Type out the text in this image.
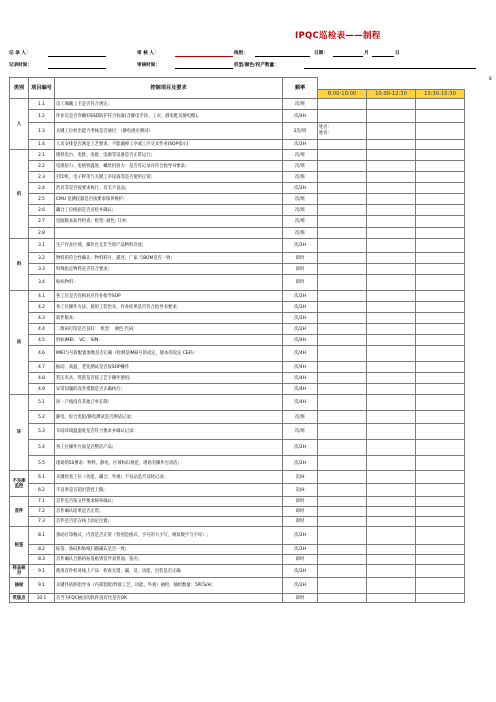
IPQC巡检表——制程
记 录 人：	审 核 人：	线别：	日期：	月	日
记录时间：	审核时间：	机型/颜色/投产数量：
8
类别	项目编号	控制项目及要求	频率	8:00-10:00 10:00-12:30 13:30-15:30		

人	1.1	员工佩戴工卡是否符合规定;	次/班			
	1.2	作业员是否穿戴好ESD防护符合标准(含静电手环、工衣、静电鞋及静电帽)。	次/4H			
	1.3	关键工位检出能力考核是否通过：（静电感应测试）	2次/班	姓名：
姓名：		

	1.4	人员安排是否满足工艺要求，不能漏掉工序或工序交叉作业(SOP指示)	次/2H			
机	2.1	烙铁电台、电批、电批、电源等设备是否正常运行;	次/班			
	2.2	电批扭力、电烙铁温度、螺丝机扭力：是否有记录并符合指导书要求;	次/班			
	2.3	打印机、电子秤等与关键工序设备等是否使用正常;	次/班			
	2.4	治具等是否按要求执行、有无不良品;	次/2H			
	2.5	CMU 是测仪器是否按要求保养维护;	次/班			
	2.6	耦合工位线损是否点检并确认;	次/班			
	2.7	电脑版本软件检查：机型: 颜色: 订单:	次/班			
	2.8		次/班			
料	3.1	生产作业区域、操作台无非当班产品物料存放;	次/2H			
	3.2	物料的符合性确认：物料料号、描述、厂家 与BOM是否一致;	即时			
	3.3	特殊指定物料是否符合要求;	即时			
	3.4	贴标物料：	即时			
法	4.1	各工位是否有相对应作业指导SOP	次/2H			
	4.2	各工位操作方法、使用工装治具、作业结果是否符合指导书要求;	次/2H			
	4.3	软件版本：	次/2H			
	4.4	二维码打印是否良好： 机型： 颜色 代码：	次/2H			
	4.5	机标IMEI： VC： S/N：	次/4H			
	4.6	IMEI与号段配置参数是否正确（检测是IMEI号的成定，版本的设定 CE码）	次/4H			
	4.7	振动、高温、老化测试是否按SOP操作	次/4H			
	4.8	装压夹具、筑胶是否按工艺卡操作使用;	次/4H			
	4.9	异常问题的改善措施是否正确执行;	次/4H			
环	5.1	同一产线没有其他订单在制;	次/4H			
	5.2	静电、综合电阻/静电测试是否测试记录;	次/班			
	5.3	车间环境温湿度是否符合要求并确认记录;	次/班			
	5.4	各工位操作台面是否整洁产品;	次/2H			
	5.5	现场的5S要求：物料、静电、区域标识规范，现场有操作台清洁;	次/2H			
不良率监控	6.1	关键检查工位（功能、耦合、外观）不良品是否及时记录;	次/H			
	6.2	不良率是否超出管控上限;	次/H			
首件	7.1	首件是否按文件要求频率确认;	即时			
	7.2	首件确认结果是否正常;	即时			
	7.3	首件是否挂在线上固定位置;	即时			
标签	8.1	条码打印格式、内容是否正常（特别是格式、字号的大小写、相似数字与字母）;	次/2H			
	8.2	标签、条码和贴纸扫描确认是否一致;	次/2H			
	8.3	首件确认合格的标签贴到首件表背面、签名;	即时			
样品核对	9.1	使用首件样对线上产品：检查无错、漏、反、功能，包装是否正确	次/2H			
抽检	9.1	关键件依照指导书（内部装配/焊接工艺、功能、外观）抽检，抽检数量：5PCS/H;	次/2H			
奖惩点	10.1	首当为FQC抽出的软件没有比是否OK	即时			
